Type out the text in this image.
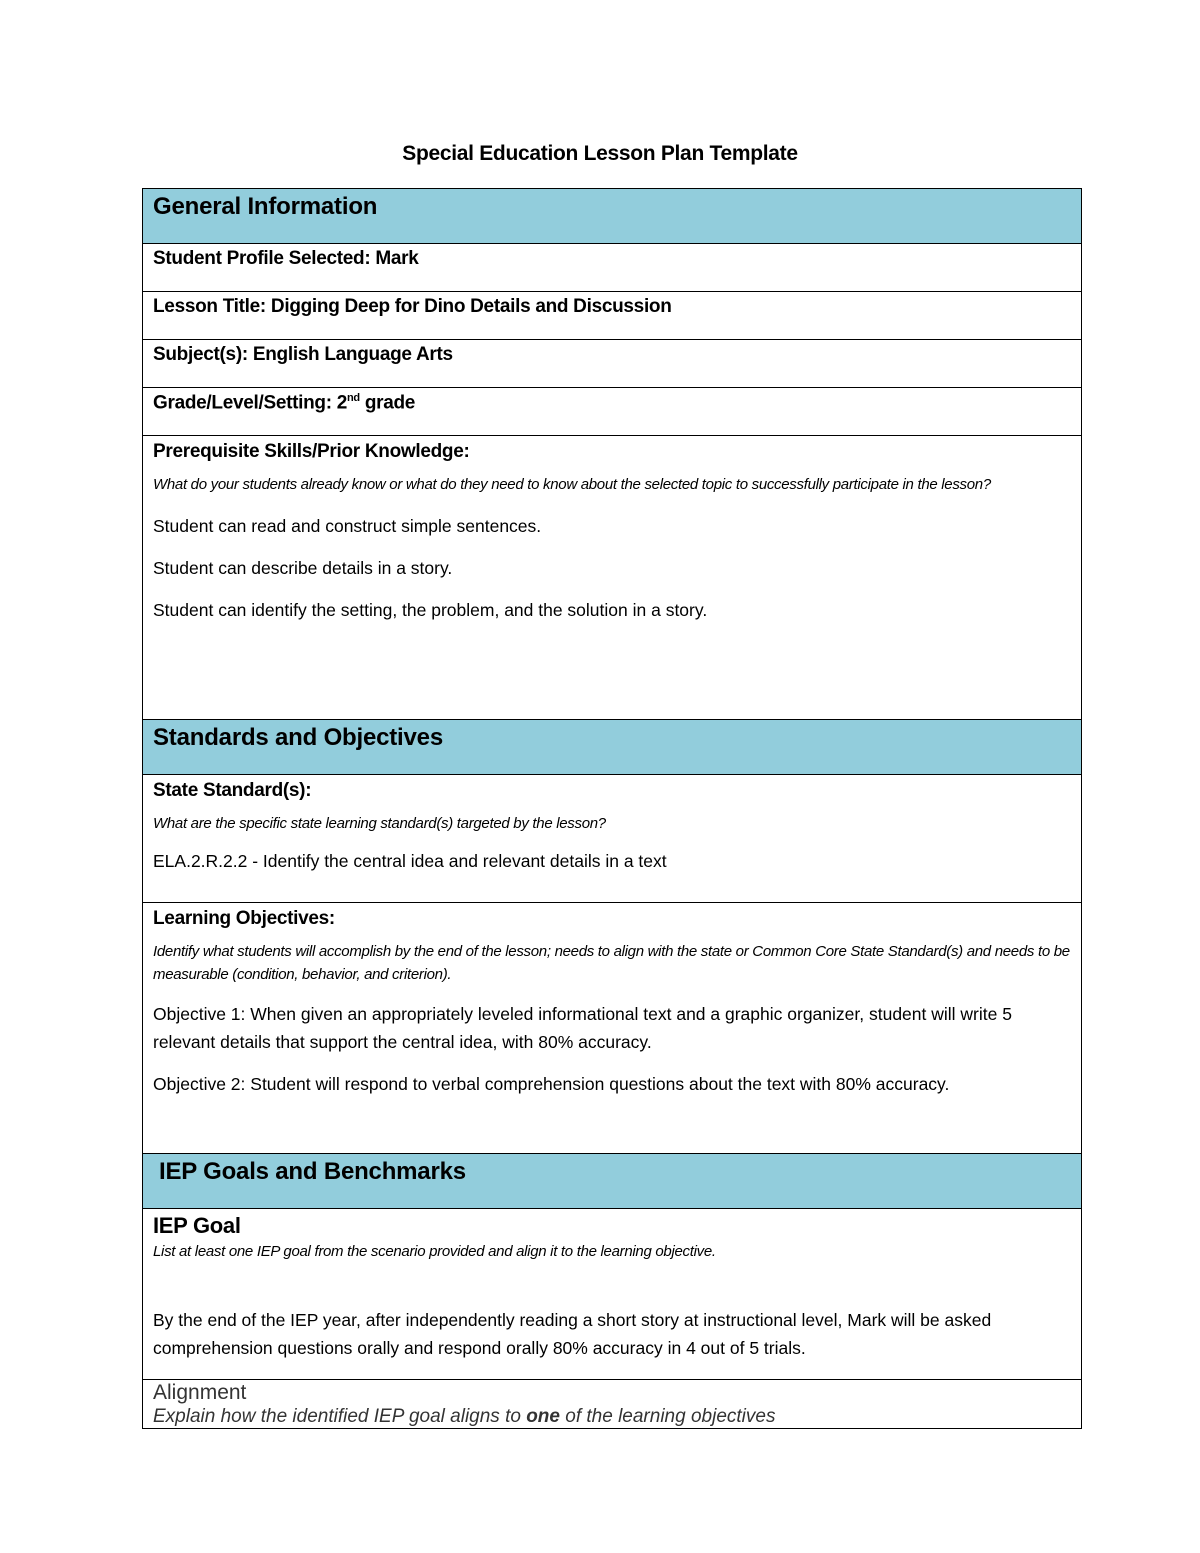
Special Education Lesson Plan Template
General Information
Student Profile Selected: Mark
Lesson Title: Digging Deep for Dino Details and Discussion
Subject(s): English Language Arts
Grade/Level/Setting: 2nd grade

Prerequisite Skills/Prior Knowledge:
What do your students already know or what do they need to know about the selected topic to successfully participate in the lesson?
Student can read and construct simple sentences.
Student can describe details in a story.
Student can identify the setting, the problem, and the solution in a story.

Standards and Objectives

State Standard(s):
What are the specific state learning standard(s) targeted by the lesson?
ELA.2.R.2.2 - Identify the central idea and relevant details in a text

Learning Objectives:
Identify what students will accomplish by the end of the lesson; needs to align with the state or Common Core State Standard(s) and needs to be measurable (condition, behavior, and criterion).
Objective 1: When given an appropriately leveled informational text and a graphic organizer, student will write 5 relevant details that support the central idea, with 80% accuracy.
Objective 2: Student will respond to verbal comprehension questions about the text with 80% accuracy.

IEP Goals and Benchmarks

IEP Goal
List at least one IEP goal from the scenario provided and align it to the learning objective.
By the end of the IEP year, after independently reading a short story at instructional level, Mark will be asked comprehension questions orally and respond orally 80% accuracy in 4 out of 5 trials.

Alignment
Explain how the identified IEP goal aligns to one of the learning objectives
